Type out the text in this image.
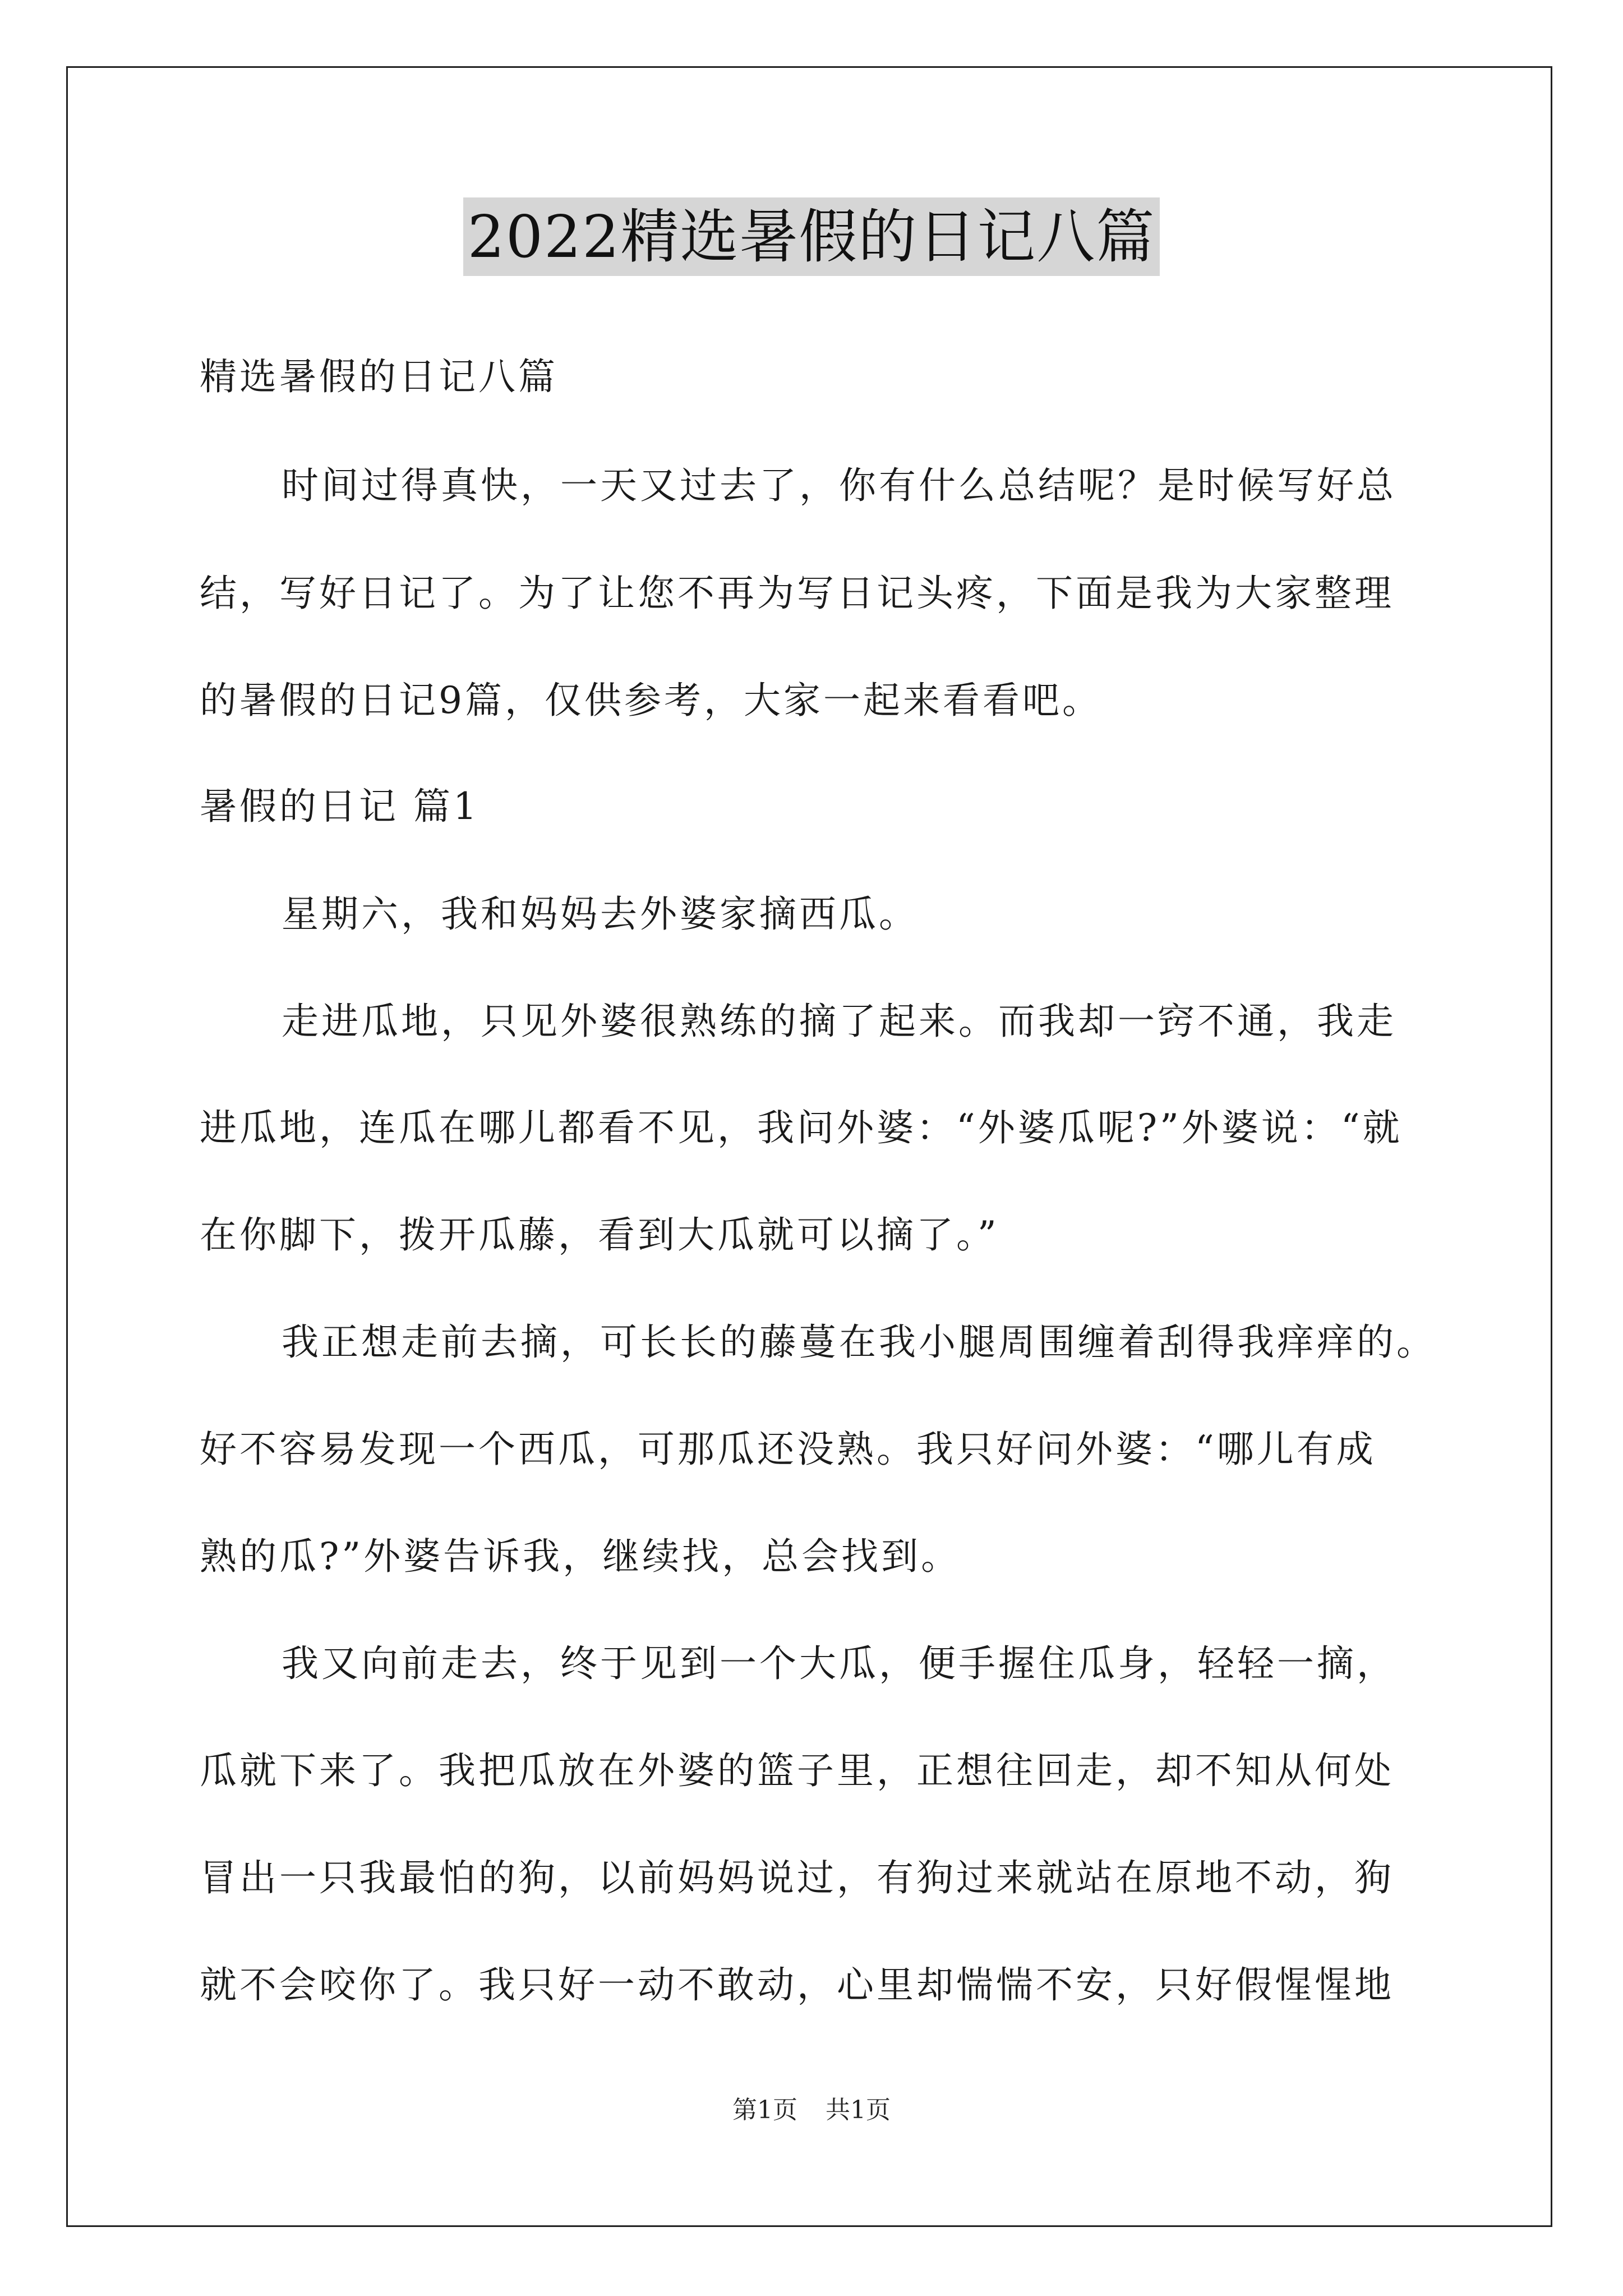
2022精选暑假的日记八篇
精选暑假的日记八篇
时间过得真快，一天又过去了，你有什么总结呢？是时候写好总
结，写好日记了。为了让您不再为写日记头疼，下面是我为大家整理
的暑假的日记9篇，仅供参考，大家一起来看看吧。
暑假的日记 篇1
星期六，我和妈妈去外婆家摘西瓜。
走进瓜地，只见外婆很熟练的摘了起来。而我却一窍不通，我走
进瓜地，连瓜在哪儿都看不见，我问外婆：“外婆瓜呢?”外婆说：“就
在你脚下，拨开瓜藤，看到大瓜就可以摘了。”
我正想走前去摘，可长长的藤蔓在我小腿周围缠着刮得我痒痒的。
好不容易发现一个西瓜，可那瓜还没熟。我只好问外婆：“哪儿有成
熟的瓜?”外婆告诉我，继续找，总会找到。
我又向前走去，终于见到一个大瓜，便手握住瓜身，轻轻一摘，
瓜就下来了。我把瓜放在外婆的篮子里，正想往回走，却不知从何处
冒出一只我最怕的狗，以前妈妈说过，有狗过来就站在原地不动，狗
就不会咬你了。我只好一动不敢动，心里却惴惴不安，只好假惺惺地
第1页 共1页
